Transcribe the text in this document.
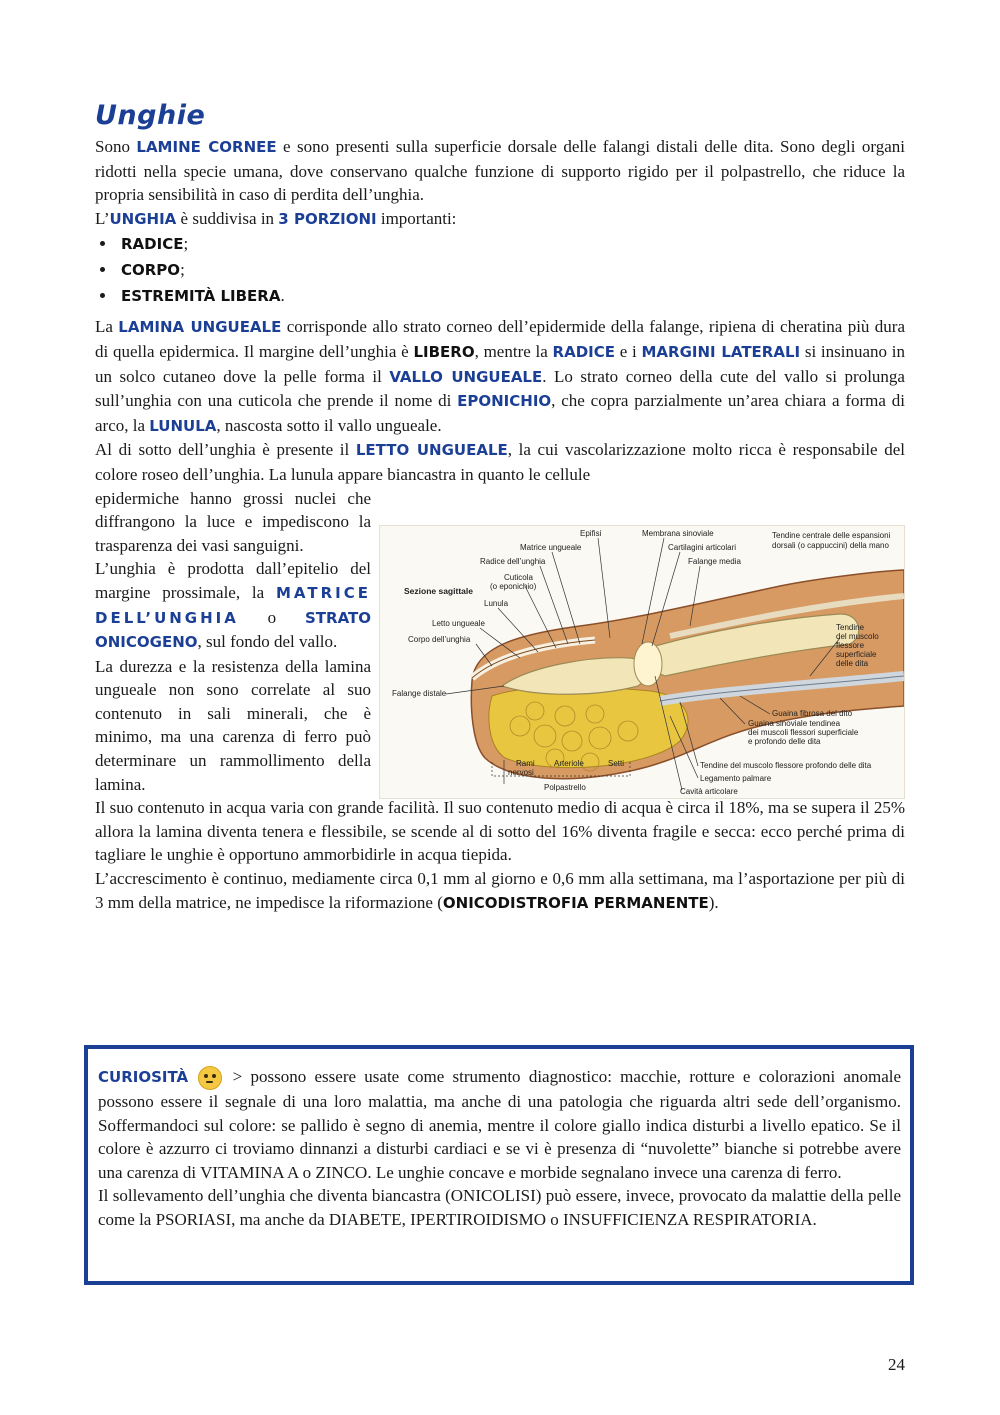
Unghie

Sono LAMINE CORNEE e sono presenti sulla superficie dorsale delle falangi distali delle dita. Sono degli organi ridotti nella specie umana, dove conservano qualche funzione di supporto rigido per il polpastrello, che riduce la propria sensibilità in caso di perdita dell’unghia.

L’UNGHIA è suddivisa in 3 PORZIONI importanti:

• RADICE;
• CORPO;
• ESTREMITÀ LIBERA.

La LAMINA UNGUEALE corrisponde allo strato corneo dell’epidermide della falange, ripiena di cheratina più dura di quella epidermica. Il margine dell’unghia è LIBERO, mentre la RADICE e i MARGINI LATERALI si insinuano in un solco cutaneo dove la pelle forma il VALLO UNGUEALE. Lo strato corneo della cute del vallo si prolunga sull’unghia con una cuticola che prende il nome di EPONICHIO, che copra parzialmente un’area chiara a forma di arco, la LUNULA, nascosta sotto il vallo ungueale.

Al di sotto dell’unghia è presente il LETTO UNGUEALE, la cui vascolarizzazione molto ricca è responsabile del colore roseo dell’unghia. La lunula appare biancastra in quanto le cellule

epidermiche hanno grossi nuclei che diffrangono la luce e impediscono la trasparenza dei vasi sanguigni.

L’unghia è prodotta dall’epitelio del margine prossimale, la MATRICE DELL’UNGHIA o STRATO ONICOGENO, sul fondo del vallo.

La durezza e la resistenza della lamina ungueale non sono correlate al suo contenuto in sali minerali, che è minimo, ma una carenza di ferro può determinare un rammollimento della lamina.

Sezione sagittale
Epifisi	Membrana sinoviale	Tendine centrale delle espansioni
dorsali (o cappuccini) della mano
Matrice ungueale	Cartilagini articolari
Radice dell’unghia	Falange media
Cuticola
(o eponichio)
Lunula
Letto ungueale
Corpo dell’unghia
Tendine
del muscolo
flessore
superficiale
delle dita
Falange distale
Guaina fibrosa del dito
Guaina sinoviale tendinea
dei muscoli flessori superficiale
e profondo delle dita
Rami
nervosi
Arteriole	Setti	Tendine del muscolo flessore profondo delle dita
Legamento palmare
Polpastrello	Cavità articolare

Il suo contenuto in acqua varia con grande facilità. Il suo contenuto medio di acqua è circa il 18%, ma se supera il 25% allora la lamina diventa tenera e flessibile, se scende al di sotto del 16% diventa fragile e secca: ecco perché prima di tagliare le unghie è opportuno ammorbidirle in acqua tiepida.

L’accrescimento è continuo, mediamente circa 0,1 mm al giorno e 0,6 mm alla settimana, ma l’asportazione per più di 3 mm della matrice, ne impedisce la riformazione (ONICODISTROFIA PERMANENTE).

CURIOSITÀ  > possono essere usate come strumento diagnostico: macchie, rotture e colorazioni anomale possono essere il segnale di una loro malattia, ma anche di una patologia che riguarda altri sede dell’organismo. Soffermandoci sul colore: se pallido è segno di anemia, mentre il colore giallo indica disturbi a livello epatico. Se il colore è azzurro ci troviamo dinnanzi a disturbi cardiaci e se vi è presenza di “nuvolette” bianche si potrebbe avere una carenza di VITAMINA A o ZINCO. Le unghie concave e morbide segnalano invece una carenza di ferro.

Il sollevamento dell’unghia che diventa biancastra (ONICOLISI) può essere, invece, provocato da malattie della pelle come la PSORIASI, ma anche da DIABETE, IPERTIROIDISMO o INSUFFICIENZA RESPIRATORIA.

24
